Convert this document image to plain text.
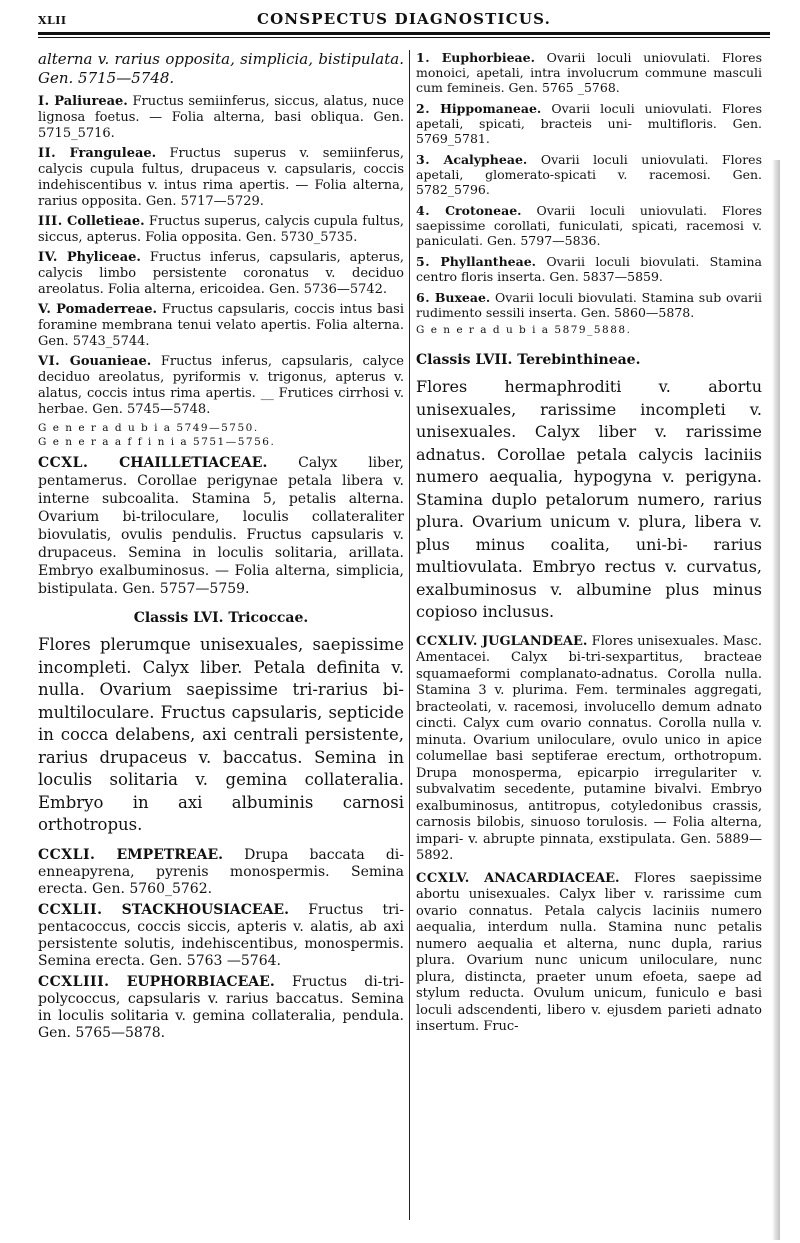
XLII	CONSPECTUS DIAGNOSTICUS.

alterna v. rarius opposita, simplicia, bistipulata. Gen. 5715—5748.

I. Paliureae. Fructus semiinferus, siccus, alatus, nuce lignosa foetus. — Folia alterna, basi obliqua. Gen. 5715_5716.

II. Frangulеae. Fructus superus v. semiinferus, calycis cupula fultus, drupaceus v. capsularis, coccis indehiscentibus v. intus rima apertis. — Folia alterna, rarius opposita. Gen. 5717—5729.

III. Colletieae. Fructus superus, calycis cupula fultus, siccus, apterus. Folia opposita. Gen. 5730_5735.

IV. Phyliceae. Fructus inferus, capsularis, apterus, calycis limbo persistente coronatus v. deciduo areolatus. Folia alterna, ericoidea. Gen. 5736—5742.

V. Pomaderreae. Fructus capsularis, coccis intus basi foramine membrana tenui velato apertis. Folia alterna. Gen. 5743_5744.

VI. Gouanieae. Fructus inferus, capsularis, calyce deciduo areolatus, pyriformis v. trigonus, apterus v. alatus, coccis intus rima apertis. __ Frutices cirrhosi v. herbae. Gen. 5745—5748.

G e n e r a d u b i a 5749—5750.

G e n e r a a f f i n i a 5751—5756.

CCXL. CHAILLETIACEAE. Calyx liber, pentamerus. Corollae perigynae petala libera v. interne subcoalita. Stamina 5, petalis alterna. Ovarium bi-triloculare, loculis collateraliter biovulatis, ovulis pendulis. Fructus capsularis v. drupaceus. Semina in loculis solitaria, arillata. Embryo exalbuminosus. — Folia alterna, simplicia, bistipulata. Gen. 5757—5759.

Classis LVI. Tricoccae.

Flores plerumque unisexuales, saepissime incompleti. Calyx liber. Petala definita v. nulla. Ovarium saepissime tri-rarius bi- multiloculare. Fructus capsularis, septicide in cocca delabens, axi centrali persistente, rarius drupaceus v. baccatus. Semina in loculis solitaria v. gemina collateralia. Embryo in axi albuminis carnosi orthotropus.

CCXLI. EMPETREAE. Drupa baccata di-enneapyrena, pyrenis monospermis. Semina erecta. Gen. 5760_5762.

CCXLII. STACKHOUSIACEAE. Fructus tri-pentacoccus, coccis siccis, apteris v. alatis, ab axi persistente solutis, indehiscentibus, monospermis. Semina erecta. Gen. 5763 —5764.

CCXLIII. EUPHORBIACEAE. Fructus di-tri-polycoccus, capsularis v. rarius baccatus. Semina in loculis solitaria v. gemina collateralia, pendula. Gen. 5765—5878.

1. Euphorbieae. Ovarii loculi uniovulati. Flores monoici, apetali, intra involucrum commune masculi cum femineis. Gen. 5765 _5768.

2. Hippomaneae. Ovarii loculi uniovulati. Flores apetali, spicati, bracteis uni- multifloris. Gen. 5769_5781.

3. Acalypheae. Ovarii loculi uniovulati. Flores apetali, glomerato-spicati v. racemosi. Gen. 5782_5796.

4. Crotoneae. Ovarii loculi uniovulati. Flores saepissime corollati, funiculati, spicati, racemosi v. paniculati. Gen. 5797—5836.

5. Phyllantheae. Ovarii loculi biovulati. Stamina centro floris inserta. Gen. 5837—5859.

6. Buxeae. Ovarii loculi biovulati. Stamina sub ovarii rudimento sessili inserta. Gen. 5860—5878.

G e n e r a d u b i a 5879_5888.

Classis LVII. Terebinthineae.

Flores hermaphroditi v. abortu unisexuales, rarissime incompleti v. unisexuales. Calyx liber v. rarissime adnatus. Corollae petala calycis laciniis numero aequalia, hypogyna v. perigyna. Stamina duplo petalorum numero, rarius plura. Ovarium unicum v. plura, libera v. plus minus coalita, uni-bi- rarius multiovulata. Embryo rectus v. curvatus, exalbuminosus v. albumine plus minus copioso inclusus.

CCXLIV. JUGLANDEAE. Flores unisexuales. Masc. Amentacei. Calyx bi-tri-sexpartitus, bracteae squamaeformi complanato-adnatus. Corolla nulla. Stamina 3 v. plurima. Fem. terminales aggregati, bracteolati, v. racemosi, involucello demum adnato cincti. Calyx cum ovario connatus. Corolla nulla v. minuta. Ovarium uniloculare, ovulo unico in apice columellae basi septiferae erectum, orthotropum. Drupa monosperma, epicarpio irregulariter v. subvalvatim secedente, putamine bivalvi. Embryo exalbuminosus, antitropus, cotyledonibus crassis, carnosis bilobis, sinuoso torulosis. — Folia alterna, impari- v. abrupte pinnata, exstipulata. Gen. 5889—5892.

CCXLV. ANACARDIACEAE. Flores saepissime abortu unisexuales. Calyx liber v. rarissime cum ovario connatus. Petala calycis laciniis numero aequalia, interdum nulla. Stamina nunc petalis numero aequalia et alterna, nunc dupla, rarius plura. Ovarium nunc unicum uniloculare, nunc plura, distincta, praeter unum efoeta, saepe ad stylum reducta. Ovulum unicum, funiculo e basi loculi adscendenti, libero v. ejusdem parieti adnato insertum. Fruc-
